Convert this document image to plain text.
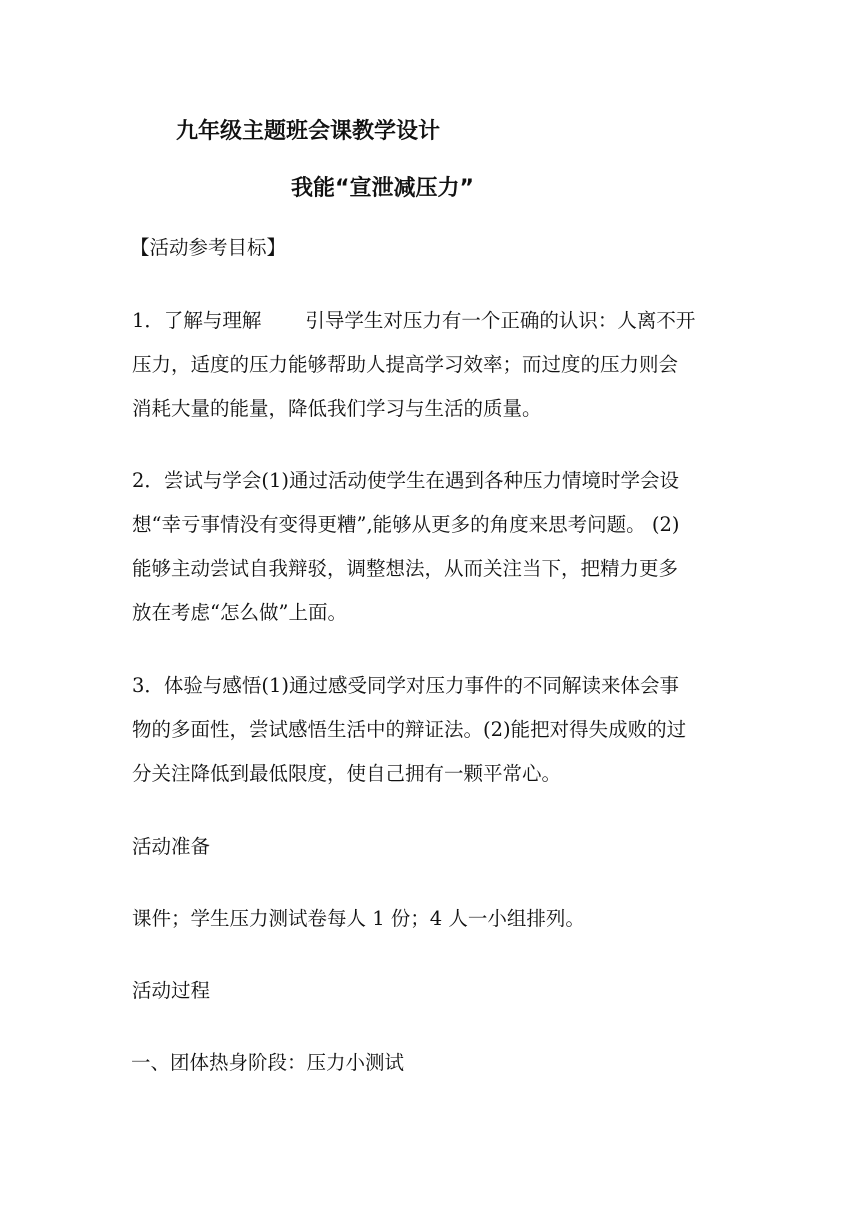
九年级主题班会课教学设计
我能“宣泄减压力”

【活动参考目标】

1．了解与理解 引导学生对压力有一个正确的认识：人离不开

压力，适度的压力能够帮助人提高学习效率；而过度的压力则会

消耗大量的能量，降低我们学习与生活的质量。

2．尝试与学会(1)通过活动使学生在遇到各种压力情境时学会设

想“幸亏事情没有变得更糟”,能够从更多的角度来思考问题。 (2)

能够主动尝试自我辩驳，调整想法，从而关注当下，把精力更多

放在考虑“怎么做”上面。

3．体验与感悟(1)通过感受同学对压力事件的不同解读来体会事

物的多面性，尝试感悟生活中的辩证法。(2)能把对得失成败的过

分关注降低到最低限度，使自己拥有一颗平常心。

活动准备

课件；学生压力测试卷每人 1 份；4 人一小组排列。

活动过程

一、团体热身阶段：压力小测试
